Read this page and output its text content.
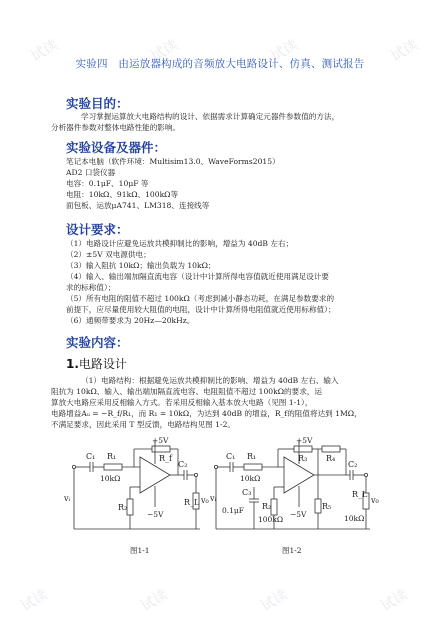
试读	试读	试读	试读
试读	试读	试读	试读
实验四　由运放器构成的音频放大电路设计、仿真、测试报告
实验目的：
学习掌握运算放大电路结构的设计、依据需求计算确定元器件参数值的方法，
分析器件参数对整体电路性能的影响。
实验设备及器件：
笔记本电脑（软件环境：Multisim13.0、WaveForms2015）
AD2 口袋仪器
电容：0.1μF、10μF 等
电阻：10kΩ、91kΩ、100kΩ等
面包板、运放μA741、LM318、连接线等
设计要求：
（1）电路设计应避免运放共模抑制比的影响，增益为 40dB 左右；
（2）±5V 双电源供电；
（3）输入阻抗 10kΩ；输出负载为 10kΩ；
（4）输入、输出端加隔直流电容（设计中计算所得电容值就近使用满足设计要
求的标称值）；
（5）所有电阻的阻值不超过 100kΩ（考虑到减小静态功耗，在满足参数要求的
前提下，应尽量使用较大阻值的电阻，设计中计算所得电阻值就近使用标称值）；
（6）通频带要求为 20Hz—20kHz。
实验内容：
1.电路设计
（1）电路结构：根据避免运放共模抑制比的影响、增益为 40dB 左右、输入
阻抗为 10kΩ、输入、输出端加隔直流电容、电阻阻值不超过 100kΩ的要求，运
算放大电路应采用反相输入方式。若采用反相输入基本放大电路（见图 1-1），
电路增益Aᵤ = −R_f/R₁，而 R₁ = 10kΩ，为达到 40dB 的增益，R_f的阻值将达到 1MΩ，
不满足要求，因此采用 T 型反馈，电路结构见图 1-2。
C₁ R₁
10kΩ
+5V
R_f
C₂
R₂
−5V
R_L
vᵢ	v₀
C₁ R₁
10kΩ
+5V
R₃ R₄
C₂
R₂
100kΩ
0.1μF
C₃
R₅
−5V
R_L
10kΩ
vᵢ	v₀
图1-1	图1-2
